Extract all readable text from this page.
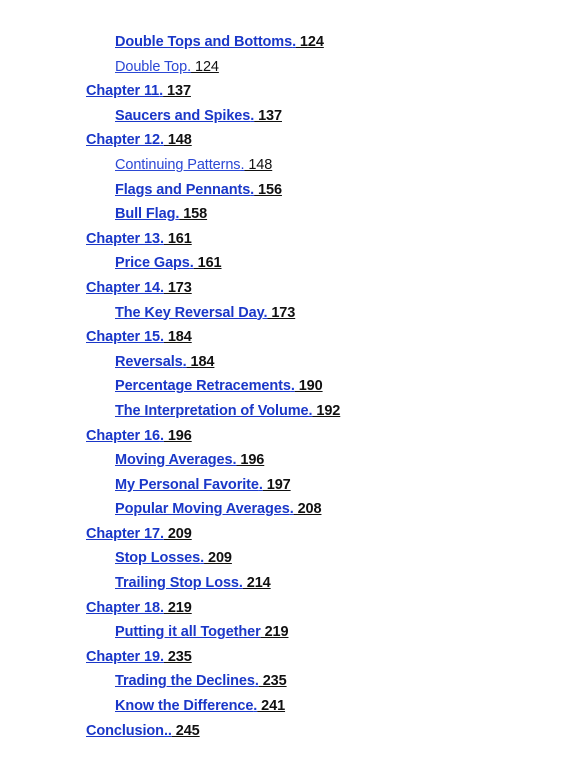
Double Tops and Bottoms. 124
Double Top. 124
Chapter 11. 137
Saucers and Spikes. 137
Chapter 12. 148
Continuing Patterns. 148
Flags and Pennants. 156
Bull Flag. 158
Chapter 13. 161
Price Gaps. 161
Chapter 14. 173
The Key Reversal Day. 173
Chapter 15. 184
Reversals. 184
Percentage Retracements. 190
The Interpretation of Volume. 192
Chapter 16. 196
Moving Averages. 196
My Personal Favorite. 197
Popular Moving Averages. 208
Chapter 17. 209
Stop Losses. 209
Trailing Stop Loss. 214
Chapter 18. 219
Putting it all Together 219
Chapter 19. 235
Trading the Declines. 235
Know the Difference. 241
Conclusion.. 245
